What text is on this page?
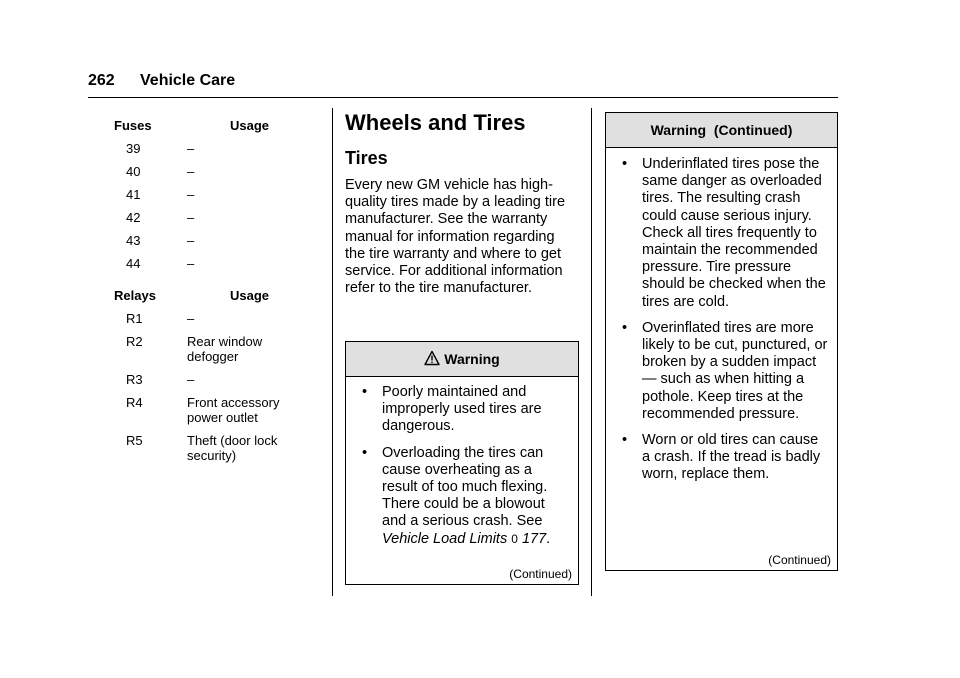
262 Vehicle Care
Fuses	Usage
39	–
40	–
41	–
42	–
43	–
44	–
Relays	Usage
R1	–
R2	Rear window defogger
R3	–
R4	Front accessory power outlet
R5	Theft (door lock security)
Wheels and Tires
Tires

Every new GM vehicle has high-quality tires made by a leading tire manufacturer. See the warranty manual for information regarding the tire warranty and where to get service. For additional information refer to the tire manufacturer.

Warning
• Poorly maintained and improperly used tires are dangerous.
• Overloading the tires can cause overheating as a result of too much flexing. There could be a blowout and a serious crash. See Vehicle Load Limits 0 177.
(Continued)
Warning  (Continued)
• Underinflated tires pose the same danger as overloaded tires. The resulting crash could cause serious injury. Check all tires frequently to maintain the recommended pressure. Tire pressure should be checked when the tires are cold.
• Overinflated tires are more likely to be cut, punctured, or broken by a sudden impact — such as when hitting a pothole. Keep tires at the recommended pressure.
• Worn or old tires can cause a crash. If the tread is badly worn, replace them.
(Continued)
